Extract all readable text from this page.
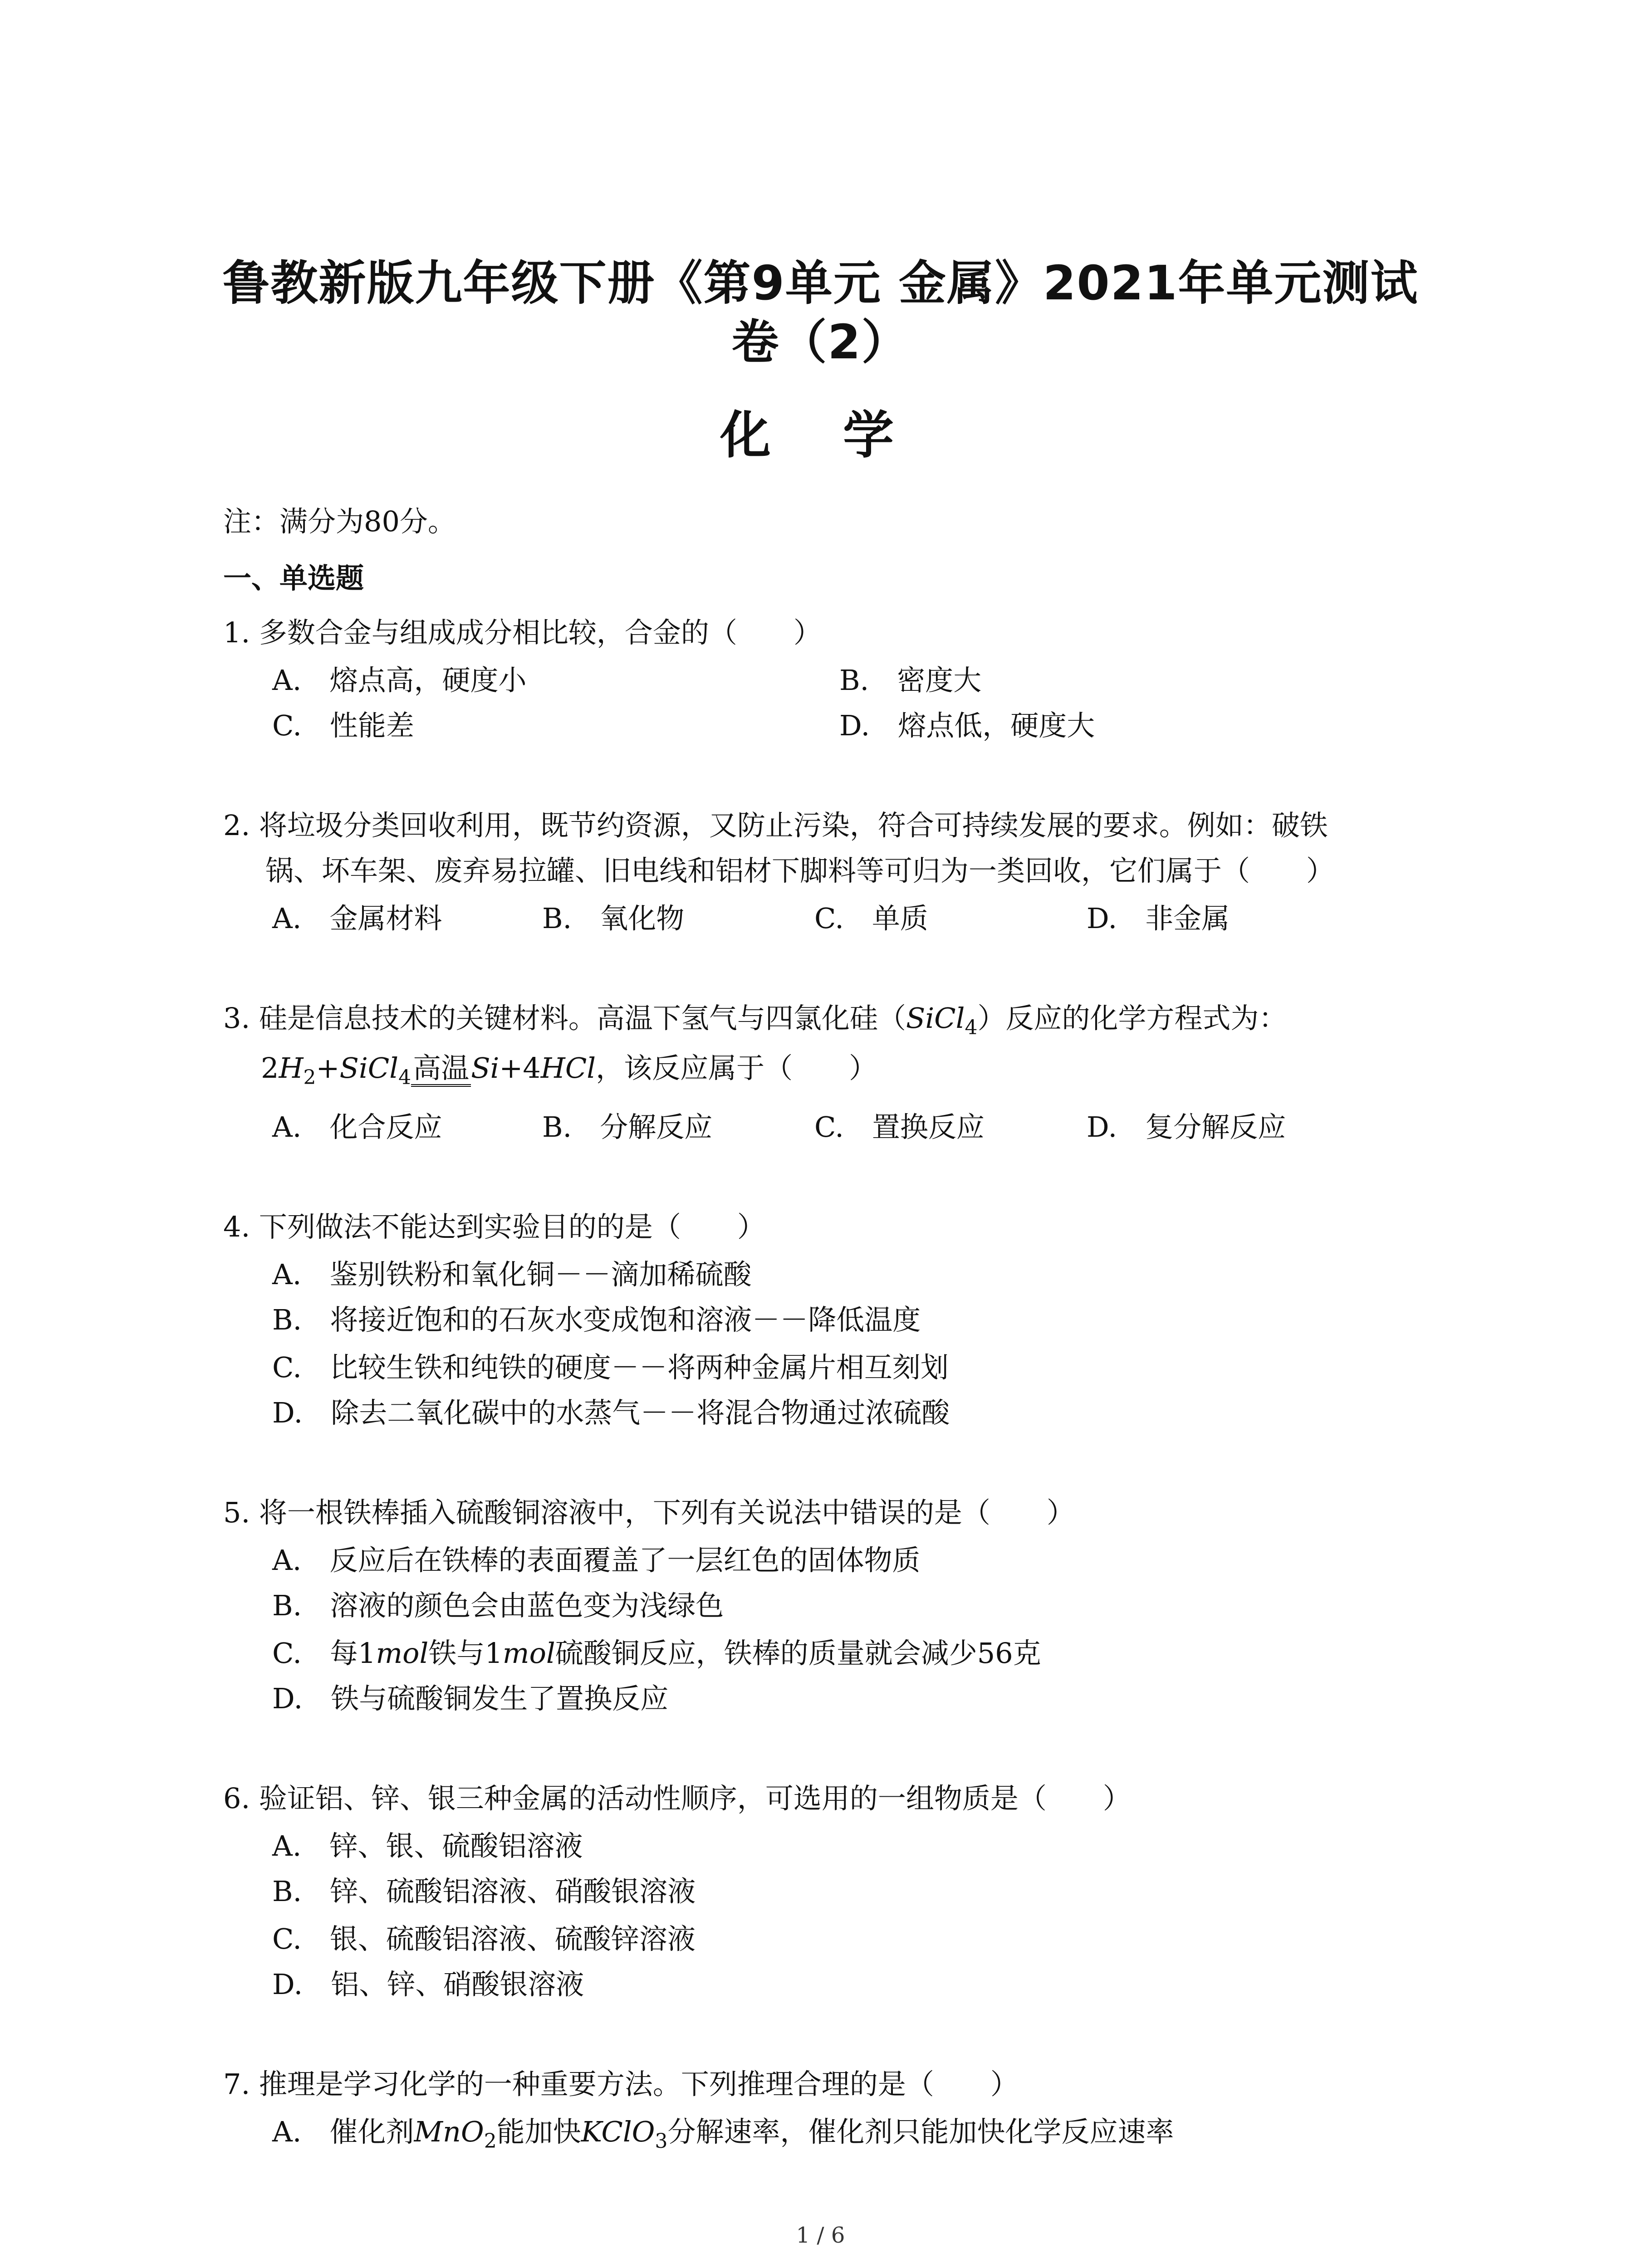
鲁教新版九年级下册《第9单元 金属》2021年单元测试
卷（2）
化 学
注：满分为80分。
一、单选题
1. 多数合金与组成成分相比较，合金的（　　）
A.　熔点高，硬度小	B.　密度大
C.　性能差	D.　熔点低，硬度大
2. 将垃圾分类回收利用，既节约资源，又防止污染，符合可持续发展的要求。例如：破铁
锅、坏车架、废弃易拉罐、旧电线和铝材下脚料等可归为一类回收，它们属于（　　）
A.　金属材料	B.　氧化物	C.　单质	D.　非金属
3. 硅是信息技术的关键材料。高温下氢气与四氯化硅（SiCl$_4$）反应的化学方程式为：
$2H_2+SiCl_4$高温Si+4HCl，该反应属于（　　）
A.　化合反应	B.　分解反应	C.　置换反应	D.　复分解反应
4. 下列做法不能达到实验目的的是（　　）
A.　鉴别铁粉和氧化铜－－滴加稀硫酸
B.　将接近饱和的石灰水变成饱和溶液－－降低温度
C.　比较生铁和纯铁的硬度－－将两种金属片相互刻划
D.　除去二氧化碳中的水蒸气－－将混合物通过浓硫酸
5. 将一根铁棒插入硫酸铜溶液中，下列有关说法中错误的是（　　）
A.　反应后在铁棒的表面覆盖了一层红色的固体物质
B.　溶液的颜色会由蓝色变为浅绿色
C.　每1mol铁与1mol硫酸铜反应，铁棒的质量就会减少56克
D.　铁与硫酸铜发生了置换反应
6. 验证铝、锌、银三种金属的活动性顺序，可选用的一组物质是（　　）
A.　锌、银、硫酸铝溶液
B.　锌、硫酸铝溶液、硝酸银溶液
C.　银、硫酸铝溶液、硫酸锌溶液
D.　铝、锌、硝酸银溶液
7. 推理是学习化学的一种重要方法。下列推理合理的是（　　）
A.　催化剂MnO$_2$能加快KClO$_3$分解速率，催化剂只能加快化学反应速率
1 / 6
